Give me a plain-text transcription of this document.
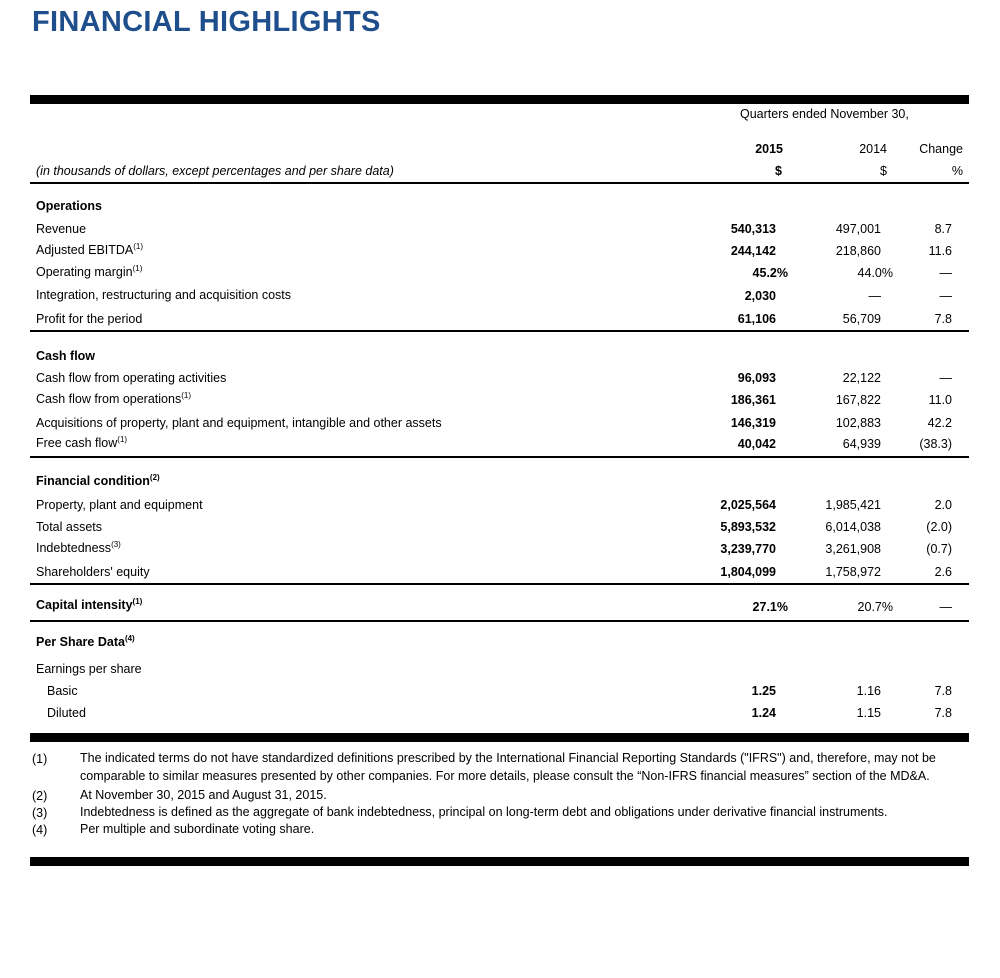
FINANCIAL HIGHLIGHTS
Quarters ended November 30,
2015	2014	Change
$	$	%
(in thousands of dollars, except percentages and per share data)
Operations
Revenue	540,313	497,001	8.7
Adjusted EBITDA$^{(1)}$	244,142	218,860	11.6
Operating margin$^{(1)}$	45.2%	44.0%	—
Integration, restructuring and acquisition costs	2,030	—	—
Profit for the period	61,106	56,709	7.8
Cash flow
Cash flow from operating activities	96,093	22,122	—
Cash flow from operations$^{(1)}$	186,361	167,822	11.0
Acquisitions of property, plant and equipment, intangible and other assets	146,319	102,883	42.2
Free cash flow$^{(1)}$	40,042	64,939	(38.3)
Financial condition$^{(2)}$
Property, plant and equipment	2,025,564	1,985,421	2.0
Total assets	5,893,532	6,014,038	(2.0)
Indebtedness$^{(3)}$	3,239,770	3,261,908	(0.7)
Shareholders' equity	1,804,099	1,758,972	2.6
Capital intensity$^{(1)}$	27.1%	20.7%	—
Per Share Data$^{(4)}$
Earnings per share
Basic	1.25	1.16	7.8
Diluted	1.24	1.15	7.8
(1)	The indicated terms do not have standardized definitions prescribed by the International Financial Reporting Standards ("IFRS") and, therefore, may not be comparable to similar measures presented by other companies. For more details, please consult the “Non-IFRS financial measures” section of the MD&A.
(2)	At November 30, 2015 and August 31, 2015.
(3)	Indebtedness is defined as the aggregate of bank indebtedness, principal on long-term debt and obligations under derivative financial instruments.
(4)	Per multiple and subordinate voting share.
